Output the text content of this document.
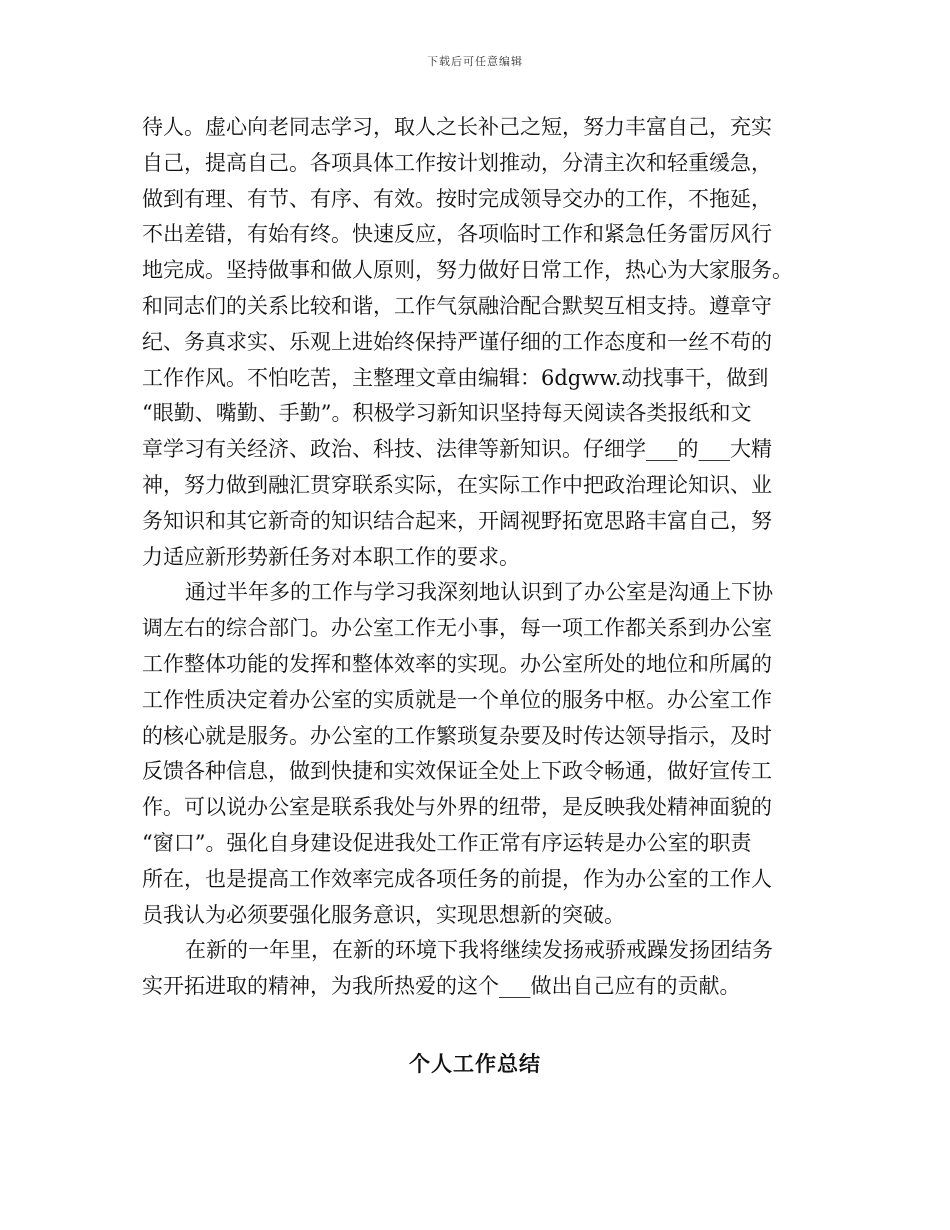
下载后可任意编辑
待人。虚心向老同志学习，取人之长补己之短，努力丰富自己，充实
自己，提高自己。各项具体工作按计划推动，分清主次和轻重缓急，
做到有理、有节、有序、有效。按时完成领导交办的工作，不拖延，
不出差错，有始有终。快速反应，各项临时工作和紧急任务雷厉风行
地完成。坚持做事和做人原则，努力做好日常工作，热心为大家服务。
和同志们的关系比较和谐，工作气氛融洽配合默契互相支持。遵章守
纪、务真求实、乐观上进始终保持严谨仔细的工作态度和一丝不苟的
工作作风。不怕吃苦，主整理文章由编辑：6dgww.动找事干，做到
“眼勤、嘴勤、手勤”。积极学习新知识坚持每天阅读各类报纸和文
章学习有关经济、政治、科技、法律等新知识。仔细学___的___大精
神，努力做到融汇贯穿联系实际，在实际工作中把政治理论知识、业
务知识和其它新奇的知识结合起来，开阔视野拓宽思路丰富自己，努
力适应新形势新任务对本职工作的要求。
通过半年多的工作与学习我深刻地认识到了办公室是沟通上下协
调左右的综合部门。办公室工作无小事，每一项工作都关系到办公室
工作整体功能的发挥和整体效率的实现。办公室所处的地位和所属的
工作性质决定着办公室的实质就是一个单位的服务中枢。办公室工作
的核心就是服务。办公室的工作繁琐复杂要及时传达领导指示，及时
反馈各种信息，做到快捷和实效保证全处上下政令畅通，做好宣传工
作。可以说办公室是联系我处与外界的纽带，是反映我处精神面貌的
“窗口”。强化自身建设促进我处工作正常有序运转是办公室的职责
所在，也是提高工作效率完成各项任务的前提，作为办公室的工作人
员我认为必须要强化服务意识，实现思想新的突破。
在新的一年里，在新的环境下我将继续发扬戒骄戒躁发扬团结务
实开拓进取的精神，为我所热爱的这个___做出自己应有的贡献。
个人工作总结
